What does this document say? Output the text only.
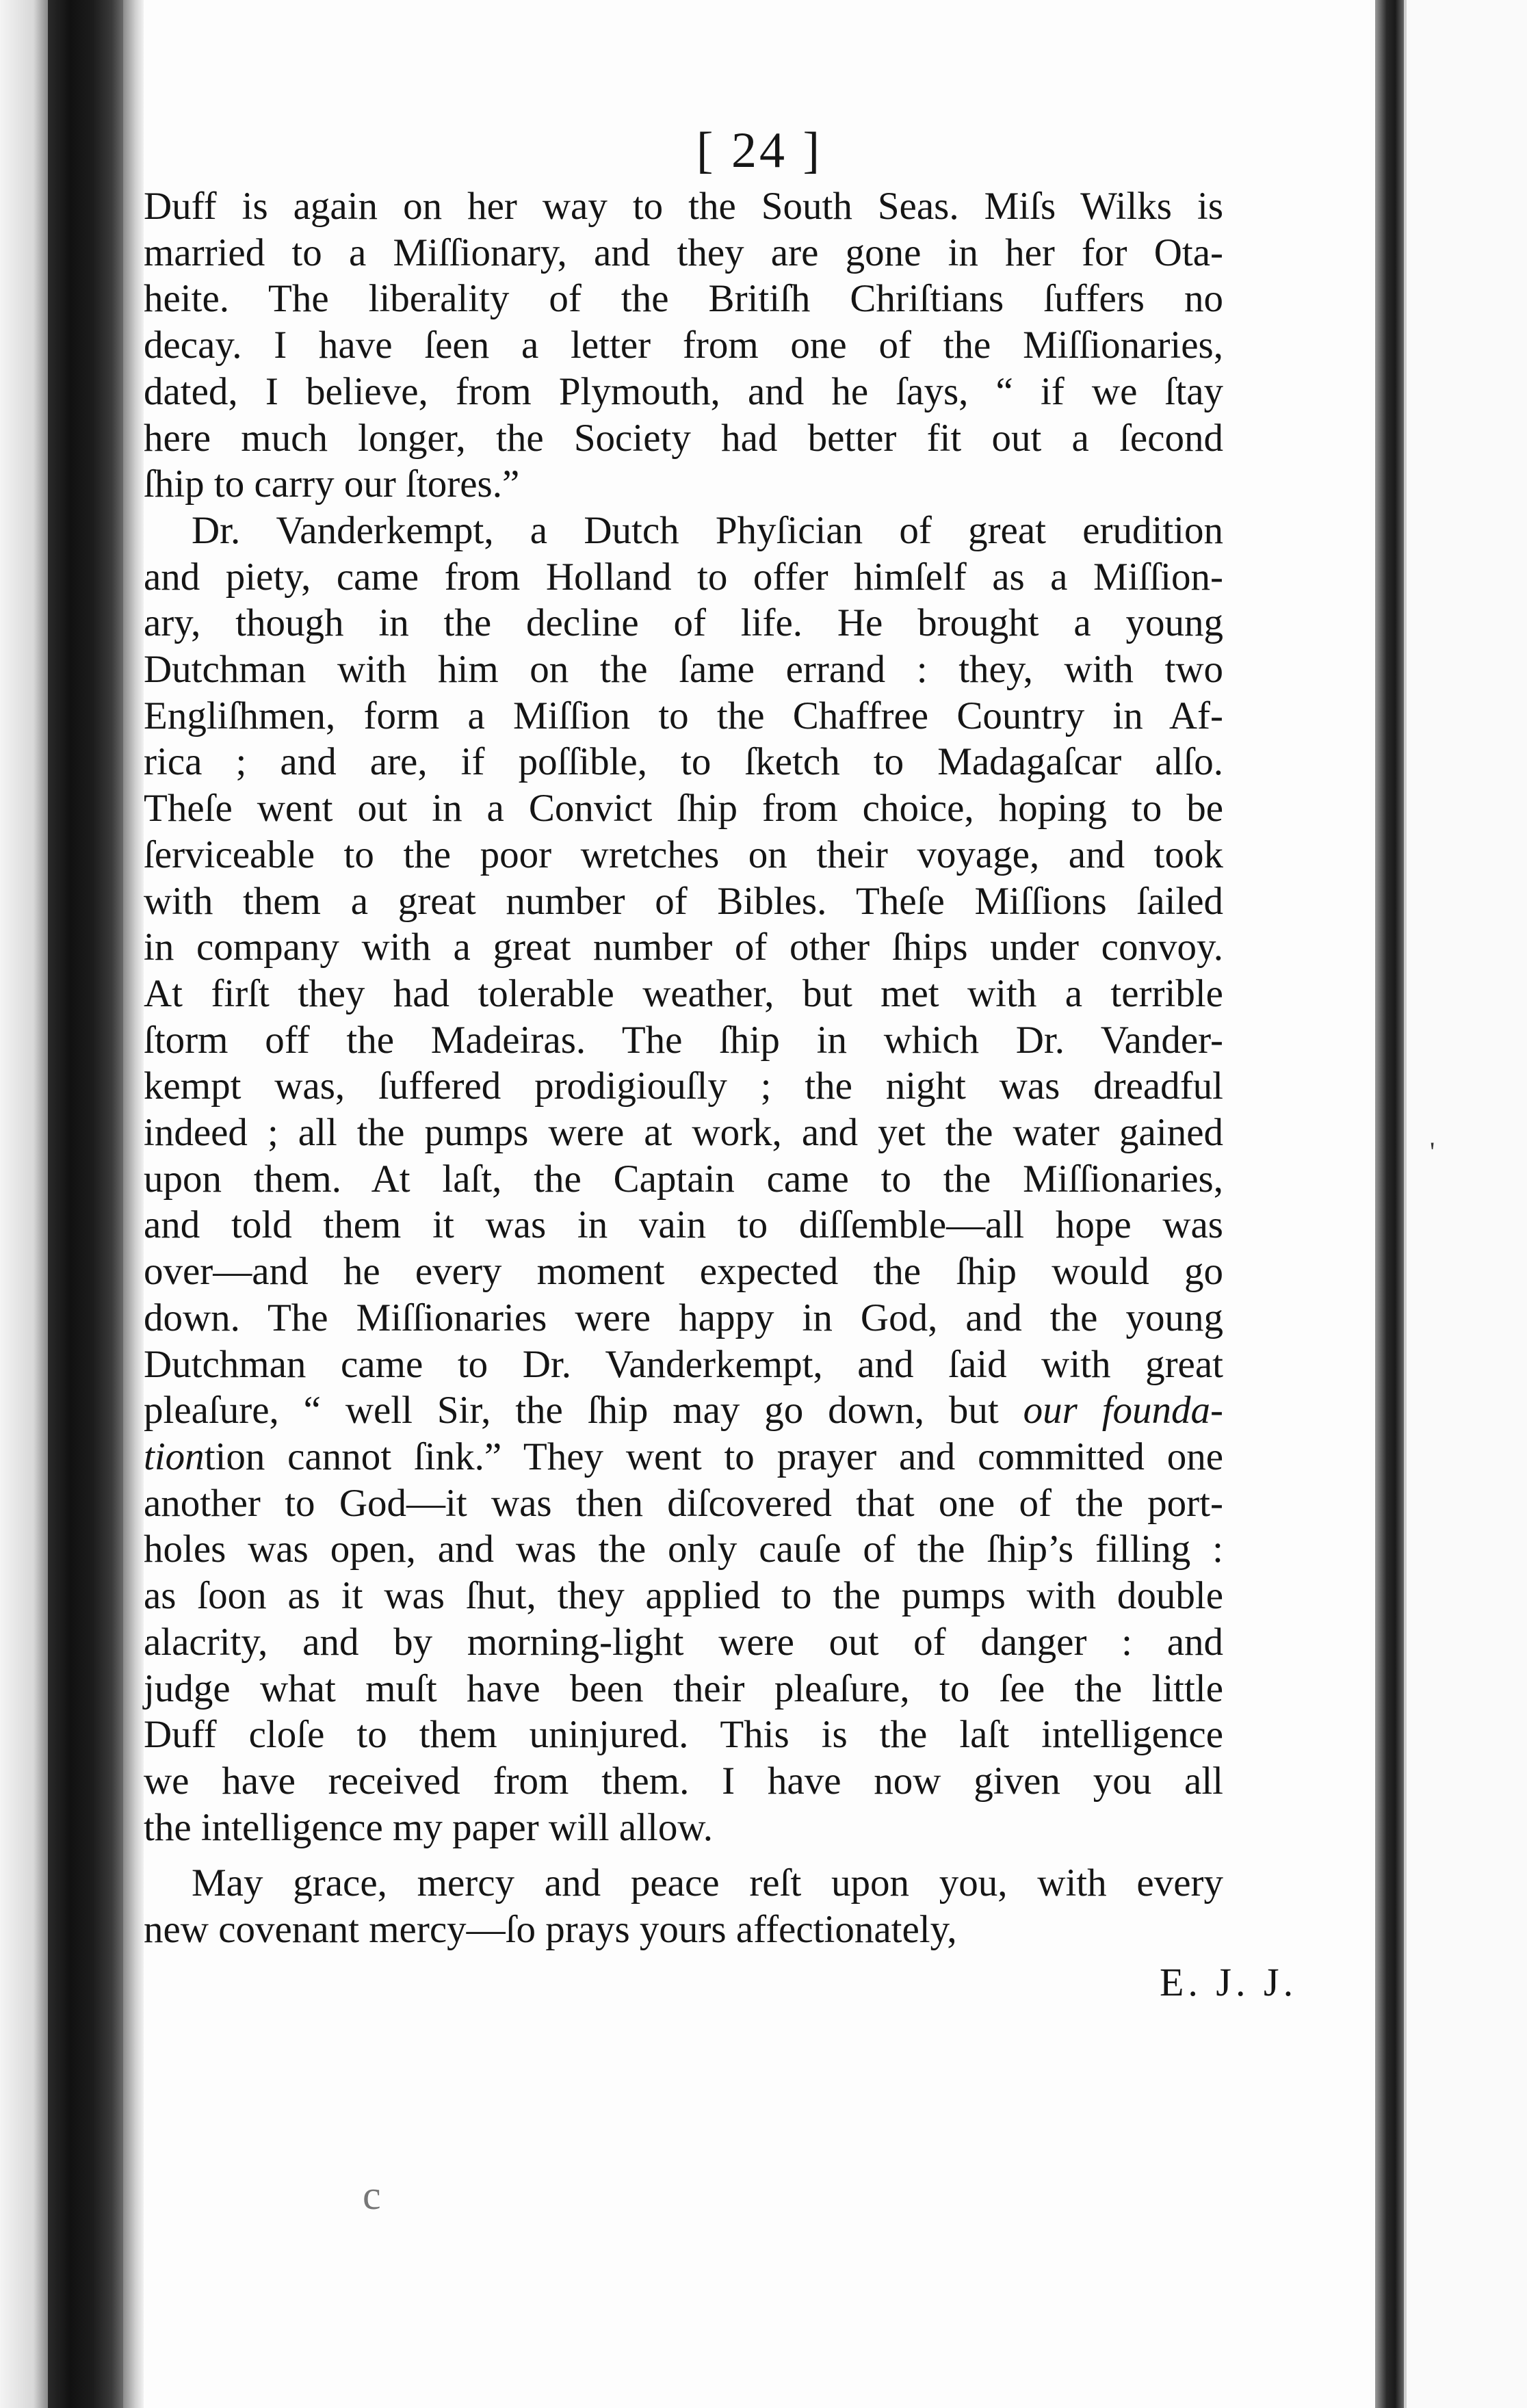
[ 24 ]
Duff is again on her way to the South Seas. Miſs Wilks is
married to a Miſſionary, and they are gone in her for Ota-
heite. The liberality of the Britiſh Chriſtians ſuffers no
decay. I have ſeen a letter from one of the Miſſionaries,
dated, I believe, from Plymouth, and he ſays, “ if we ſtay
here much longer, the Society had better fit out a ſecond
ſhip to carry our ſtores.”
Dr. Vanderkempt, a Dutch Phyſician of great erudition
and piety, came from Holland to offer himſelf as a Miſſion-
ary, though in the decline of life. He brought a young
Dutchman with him on the ſame errand : they, with two
Engliſhmen, form a Miſſion to the Chaffree Country in Af-
rica ; and are, if poſſible, to ſketch to Madagaſcar alſo.
Theſe went out in a Convict ſhip from choice, hoping to be
ſerviceable to the poor wretches on their voyage, and took
with them a great number of Bibles. Theſe Miſſions ſailed
in company with a great number of other ſhips under convoy.
At firſt they had tolerable weather, but met with a terrible
ſtorm off the Madeiras. The ſhip in which Dr. Vander-
kempt was, ſuffered prodigiouſly ; the night was dreadful
indeed ; all the pumps were at work, and yet the water gained
upon them. At laſt, the Captain came to the Miſſionaries,
and told them it was in vain to diſſemble—all hope was
over—and he every moment expected the ſhip would go
down. The Miſſionaries were happy in God, and the young
Dutchman came to Dr. Vanderkempt, and ſaid with great
pleaſure, “ well Sir, the ſhip may go down, but our founda-
tiontion cannot ſink.” They went to prayer and committed one
another to God—it was then diſcovered that one of the port-
holes was open, and was the only cauſe of the ſhip’s filling :
as ſoon as it was ſhut, they applied to the pumps with double
alacrity, and by morning-light were out of danger : and
judge what muſt have been their pleaſure, to ſee the little
Duff cloſe to them uninjured. This is the laſt intelligence
we have received from them. I have now given you all
the intelligence my paper will allow.
May grace, mercy and peace reſt upon you, with every
new covenant mercy—ſo prays yours affectionately,
E. J. J.
c
'
